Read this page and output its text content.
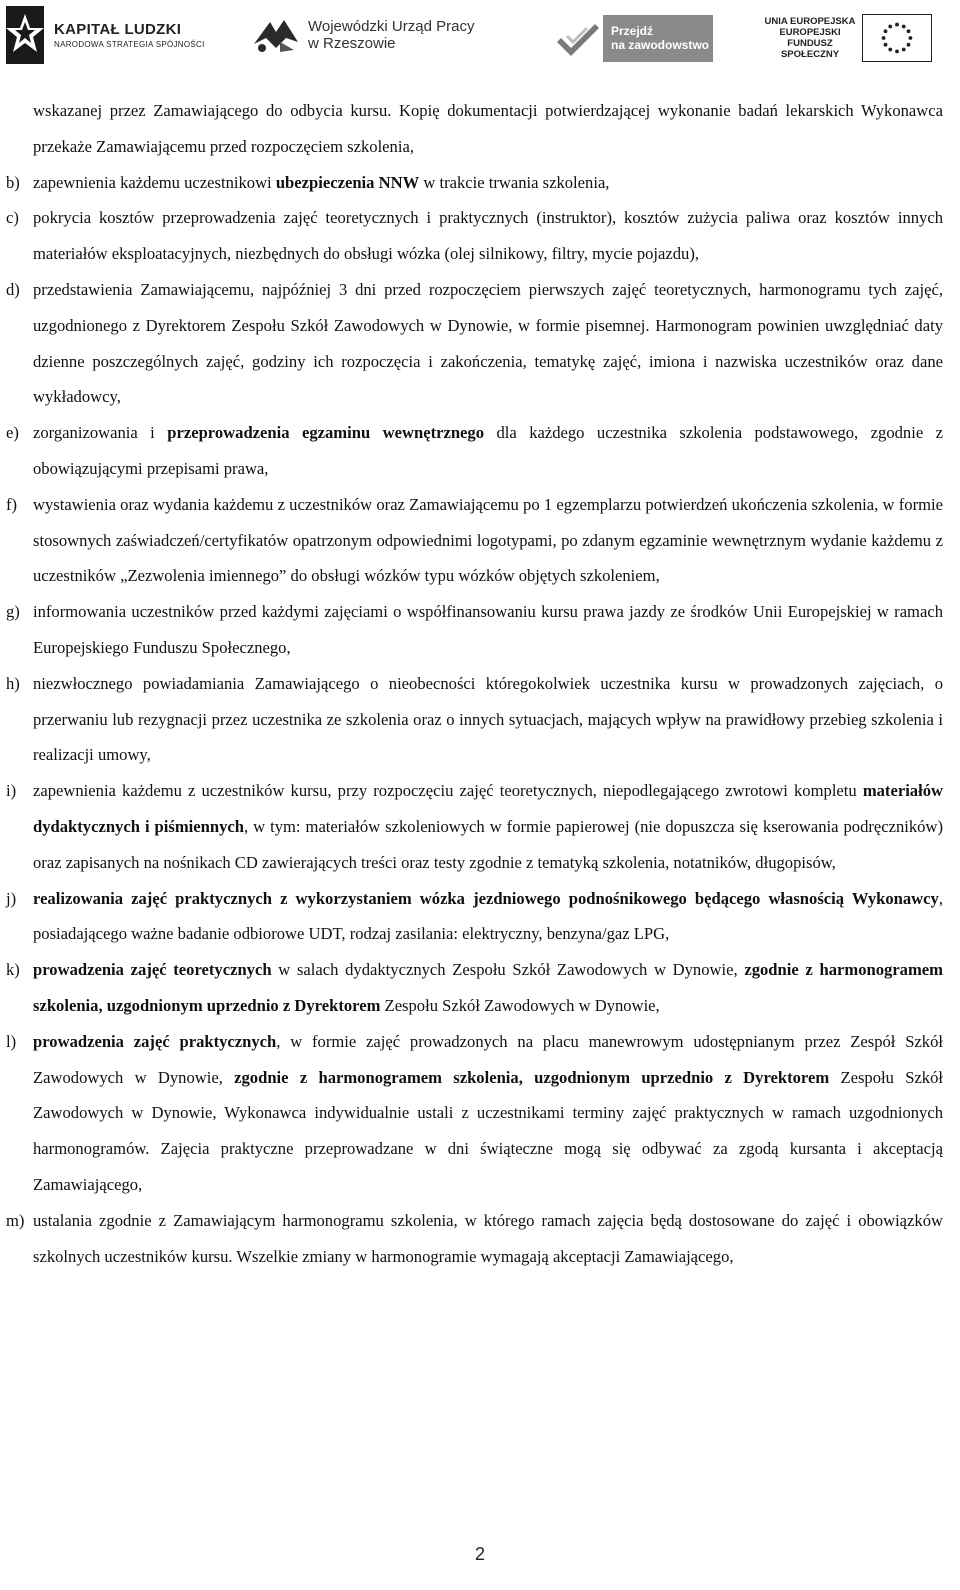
KAPITAŁ LUDZKI
NARODOWA STRATEGIA SPÓJNOŚCI
Wojewódzki Urząd Pracy
w Rzeszowie
Przejdź
na zawodowstwo
UNIA EUROPEJSKA
EUROPEJSKI
FUNDUSZ SPOŁECZNY

wskazanej przez Zamawiającego do odbycia kursu. Kopię dokumentacji potwierdzającej wykonanie badań lekarskich Wykonawca przekaże Zamawiającemu przed rozpoczęciem szkolenia,

b) zapewnienia każdemu uczestnikowi ubezpieczenia NNW w trakcie trwania szkolenia,
c) pokrycia kosztów przeprowadzenia zajęć teoretycznych i praktycznych (instruktor), kosztów zużycia paliwa oraz kosztów innych materiałów eksploatacyjnych, niezbędnych do obsługi wózka (olej silnikowy, filtry, mycie pojazdu),
d) przedstawienia Zamawiającemu, najpóźniej 3 dni przed rozpoczęciem pierwszych zajęć teoretycznych, harmonogramu tych zajęć, uzgodnionego z Dyrektorem Zespołu Szkół Zawodowych w Dynowie, w formie pisemnej. Harmonogram powinien uwzględniać daty dzienne poszczególnych zajęć, godziny ich rozpoczęcia i zakończenia, tematykę zajęć, imiona i nazwiska uczestników oraz dane wykładowcy,
e) zorganizowania i przeprowadzenia egzaminu wewnętrznego dla każdego uczestnika szkolenia podstawowego, zgodnie z obowiązującymi przepisami prawa,
f) wystawienia oraz wydania każdemu z uczestników oraz Zamawiającemu po 1 egzemplarzu potwierdzeń ukończenia szkolenia, w formie stosownych zaświadczeń/certyfikatów opatrzonym odpowiednimi logotypami, po zdanym egzaminie wewnętrznym wydanie każdemu z uczestników „Zezwolenia imiennego” do obsługi wózków typu wózków objętych szkoleniem,
g) informowania uczestników przed każdymi zajęciami o współfinansowaniu kursu prawa jazdy ze środków Unii Europejskiej w ramach Europejskiego Funduszu Społecznego,
h) niezwłocznego powiadamiania Zamawiającego o nieobecności któregokolwiek uczestnika kursu w prowadzonych zajęciach, o przerwaniu lub rezygnacji przez uczestnika ze szkolenia oraz o innych sytuacjach, mających wpływ na prawidłowy przebieg szkolenia i realizacji umowy,
i)	zapewnienia każdemu z uczestników kursu, przy rozpoczęciu zajęć teoretycznych, niepodlegającego zwrotowi kompletu materiałów dydaktycznych i piśmiennych, w tym: materiałów szkoleniowych w formie papierowej (nie dopuszcza się kserowania podręczników) oraz zapisanych na nośnikach CD zawierających treści oraz testy zgodnie z tematyką szkolenia, notatników, długopisów,
j)	realizowania zajęć praktycznych z wykorzystaniem wózka jezdniowego podnośnikowego będącego własnością Wykonawcy, posiadającego ważne badanie odbiorowe UDT, rodzaj zasilania: elektryczny, benzyna/gaz LPG,
k) prowadzenia zajęć teoretycznych w salach dydaktycznych Zespołu Szkół Zawodowych w Dynowie, zgodnie z harmonogramem szkolenia, uzgodnionym uprzednio z Dyrektorem Zespołu Szkół Zawodowych w Dynowie,
l)	prowadzenia zajęć praktycznych, w formie zajęć prowadzonych na placu manewrowym udostępnianym przez Zespół Szkół Zawodowych w Dynowie, zgodnie z harmonogramem szkolenia, uzgodnionym uprzednio z Dyrektorem Zespołu Szkół Zawodowych w Dynowie, Wykonawca indywidualnie ustali z uczestnikami terminy zajęć praktycznych w ramach uzgodnionych harmonogramów. Zajęcia praktyczne przeprowadzane w dni świąteczne mogą się odbywać za zgodą kursanta i akceptacją Zamawiającego,
m) ustalania zgodnie z Zamawiającym harmonogramu szkolenia, w którego ramach zajęcia będą dostosowane do zajęć i obowiązków szkolnych uczestników kursu. Wszelkie zmiany w harmonogramie wymagają akceptacji Zamawiającego,
2
